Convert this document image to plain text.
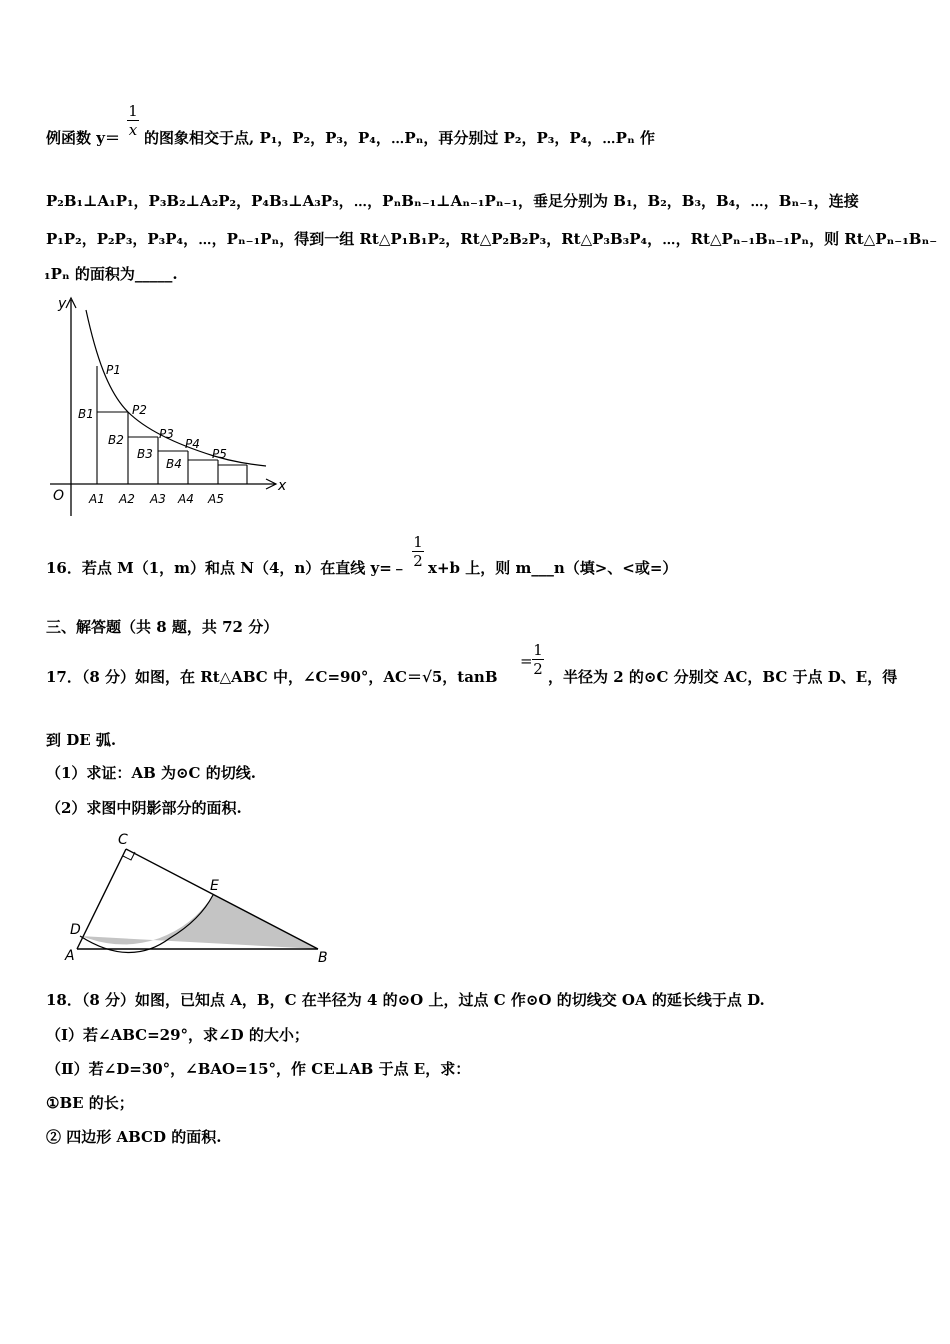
$\frac{1}{x}$
例函数 y＝ 的图象相交于点, P₁，P₂，P₃，P₄，⋯Pₙ，再分别过 P₂，P₃，P₄，⋯Pₙ 作
P₂B₁⊥A₁P₁，P₃B₂⊥A₂P₂，P₄B₃⊥A₃P₃，⋯，PₙBₙ₋₁⊥Aₙ₋₁Pₙ₋₁，垂足分别为 B₁，B₂，B₃，B₄，⋯，Bₙ₋₁，连接
P₁P₂，P₂P₃，P₃P₄，⋯，Pₙ₋₁Pₙ，得到一组 Rt△P₁B₁P₂，Rt△P₂B₂P₃，Rt△P₃B₃P₄，⋯，Rt△Pₙ₋₁Bₙ₋₁Pₙ，则 Rt△Pₙ₋₁Bₙ₋
₁Pₙ 的面积为_____.
y
x
O
P1
P2
P3
P4
P5
B1
B2
B3
B4
A1 A2 A3 A4 A5
16．若点 M（1，m）和点 N（4，n）在直线 y=﹣ $\frac{1}{2} x+b$ 上，则 m___n（填>、<或=）
三、解答题（共 8 题，共 72 分）
17．（8 分）如图，在 Rt△ABC 中，∠C=90°，AC＝√5，tanB
= $\frac{1}{2}$ ，半径为 2 的⊙C 分别交 AC，BC 于点 D、E，得
到 DE 弧.
（1）求证：AB 为⊙C 的切线.
（2）求图中阴影部分的面积.
C
E
D
A	B
18．（8 分）如图，已知点 A，B，C 在半径为 4 的⊙O 上，过点 C 作⊙O 的切线交 OA 的延长线于点 D.
（Ⅰ）若∠ABC=29°，求∠D 的大小；
（Ⅱ）若∠D=30°，∠BAO=15°，作 CE⊥AB 于点 E，求：
①BE 的长；
② 四边形 ABCD 的面积.
